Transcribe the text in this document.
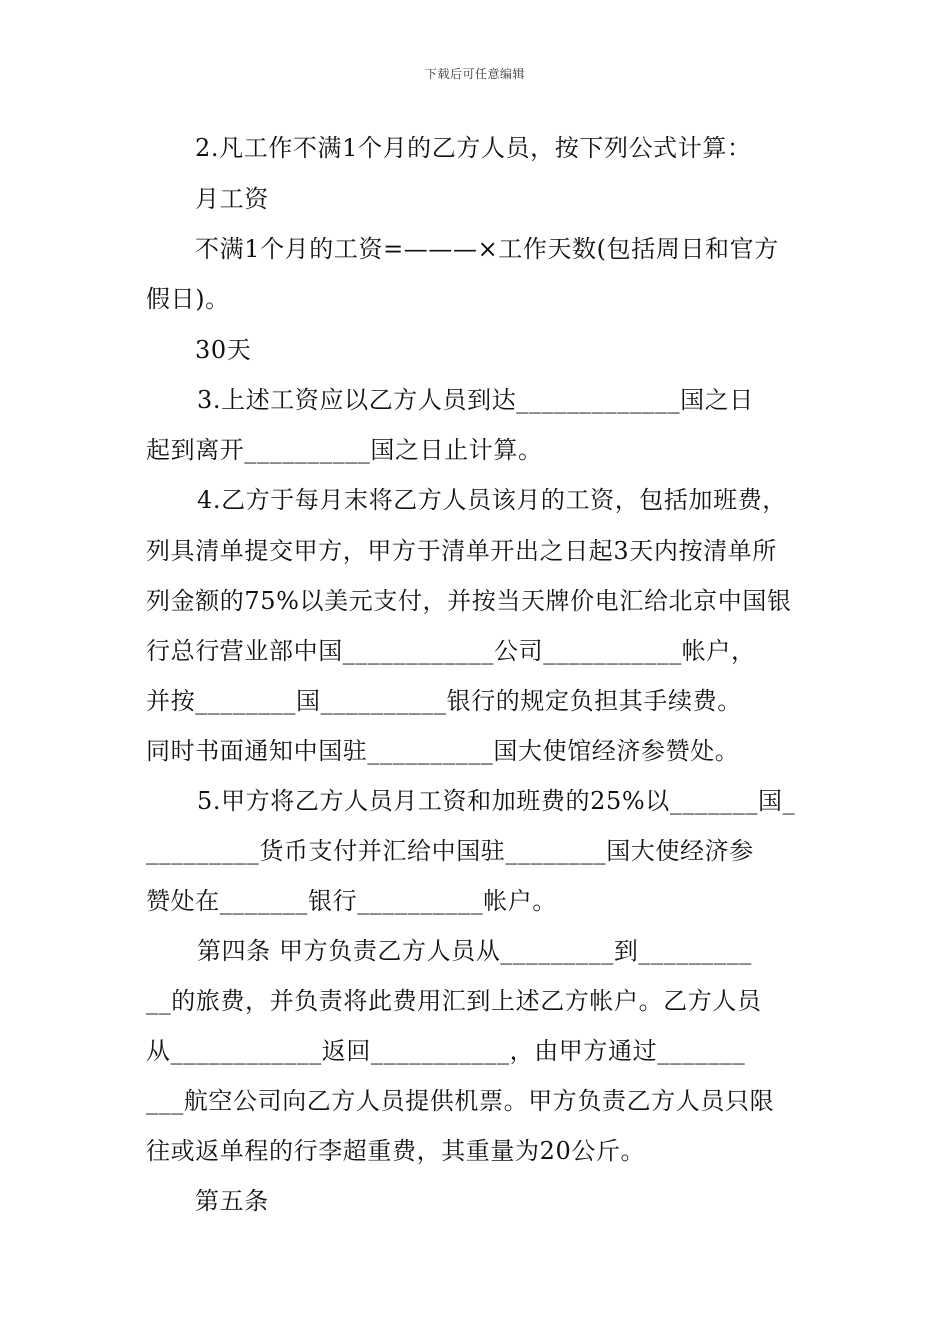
下载后可任意编辑
2.凡工作不满1个月的乙方人员，按下列公式计算：
月工资
不满1个月的工资=———×工作天数(包括周日和官方
假日)。
30天
3.上述工资应以乙方人员到达_____________国之日
起到离开__________国之日止计算。
4.乙方于每月末将乙方人员该月的工资，包括加班费，
列具清单提交甲方，甲方于清单开出之日起3天内按清单所
列金额的75%以美元支付，并按当天牌价电汇给北京中国银
行总行营业部中国____________公司___________帐户，
并按________国__________银行的规定负担其手续费。
同时书面通知中国驻__________国大使馆经济参赞处。
5.甲方将乙方人员月工资和加班费的25%以_______国_
_________货币支付并汇给中国驻________国大使经济参
赞处在_______银行__________帐户。
第四条 甲方负责乙方人员从_________到_________
__的旅费，并负责将此费用汇到上述乙方帐户。乙方人员
从____________返回___________，由甲方通过_______
___航空公司向乙方人员提供机票。甲方负责乙方人员只限
往或返单程的行李超重费，其重量为20公斤。
第五条
